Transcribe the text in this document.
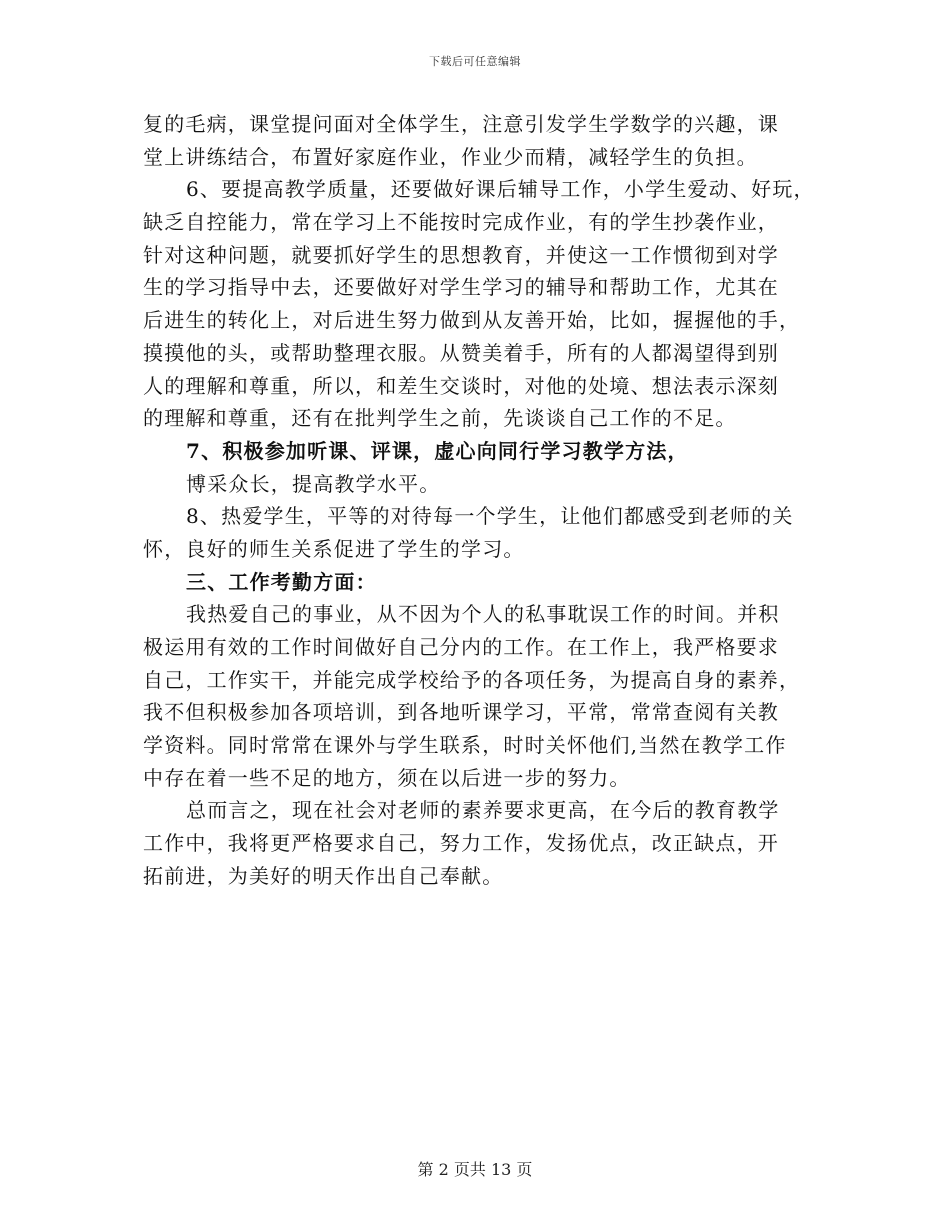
下载后可任意编辑
复的毛病，课堂提问面对全体学生，注意引发学生学数学的兴趣，课
堂上讲练结合，布置好家庭作业，作业少而精，减轻学生的负担。
6、要提高教学质量，还要做好课后辅导工作，小学生爱动、好玩，
缺乏自控能力，常在学习上不能按时完成作业，有的学生抄袭作业，
针对这种问题，就要抓好学生的思想教育，并使这一工作惯彻到对学
生的学习指导中去，还要做好对学生学习的辅导和帮助工作，尤其在
后进生的转化上，对后进生努力做到从友善开始，比如，握握他的手，
摸摸他的头，或帮助整理衣服。从赞美着手，所有的人都渴望得到别
人的理解和尊重，所以，和差生交谈时，对他的处境、想法表示深刻
的理解和尊重，还有在批判学生之前，先谈谈自己工作的不足。
7、积极参加听课、评课，虚心向同行学习教学方法，
博采众长，提高教学水平。
8、热爱学生，平等的对待每一个学生，让他们都感受到老师的关
怀，良好的师生关系促进了学生的学习。
三、工作考勤方面：
我热爱自己的事业，从不因为个人的私事耽误工作的时间。并积
极运用有效的工作时间做好自己分内的工作。在工作上，我严格要求
自己，工作实干，并能完成学校给予的各项任务，为提高自身的素养，
我不但积极参加各项培训，到各地听课学习，平常，常常查阅有关教
学资料。同时常常在课外与学生联系，时时关怀他们,当然在教学工作
中存在着一些不足的地方，须在以后进一步的努力。
总而言之，现在社会对老师的素养要求更高，在今后的教育教学
工作中，我将更严格要求自己，努力工作，发扬优点，改正缺点，开
拓前进，为美好的明天作出自己奉献。
第 2 页共 13 页
